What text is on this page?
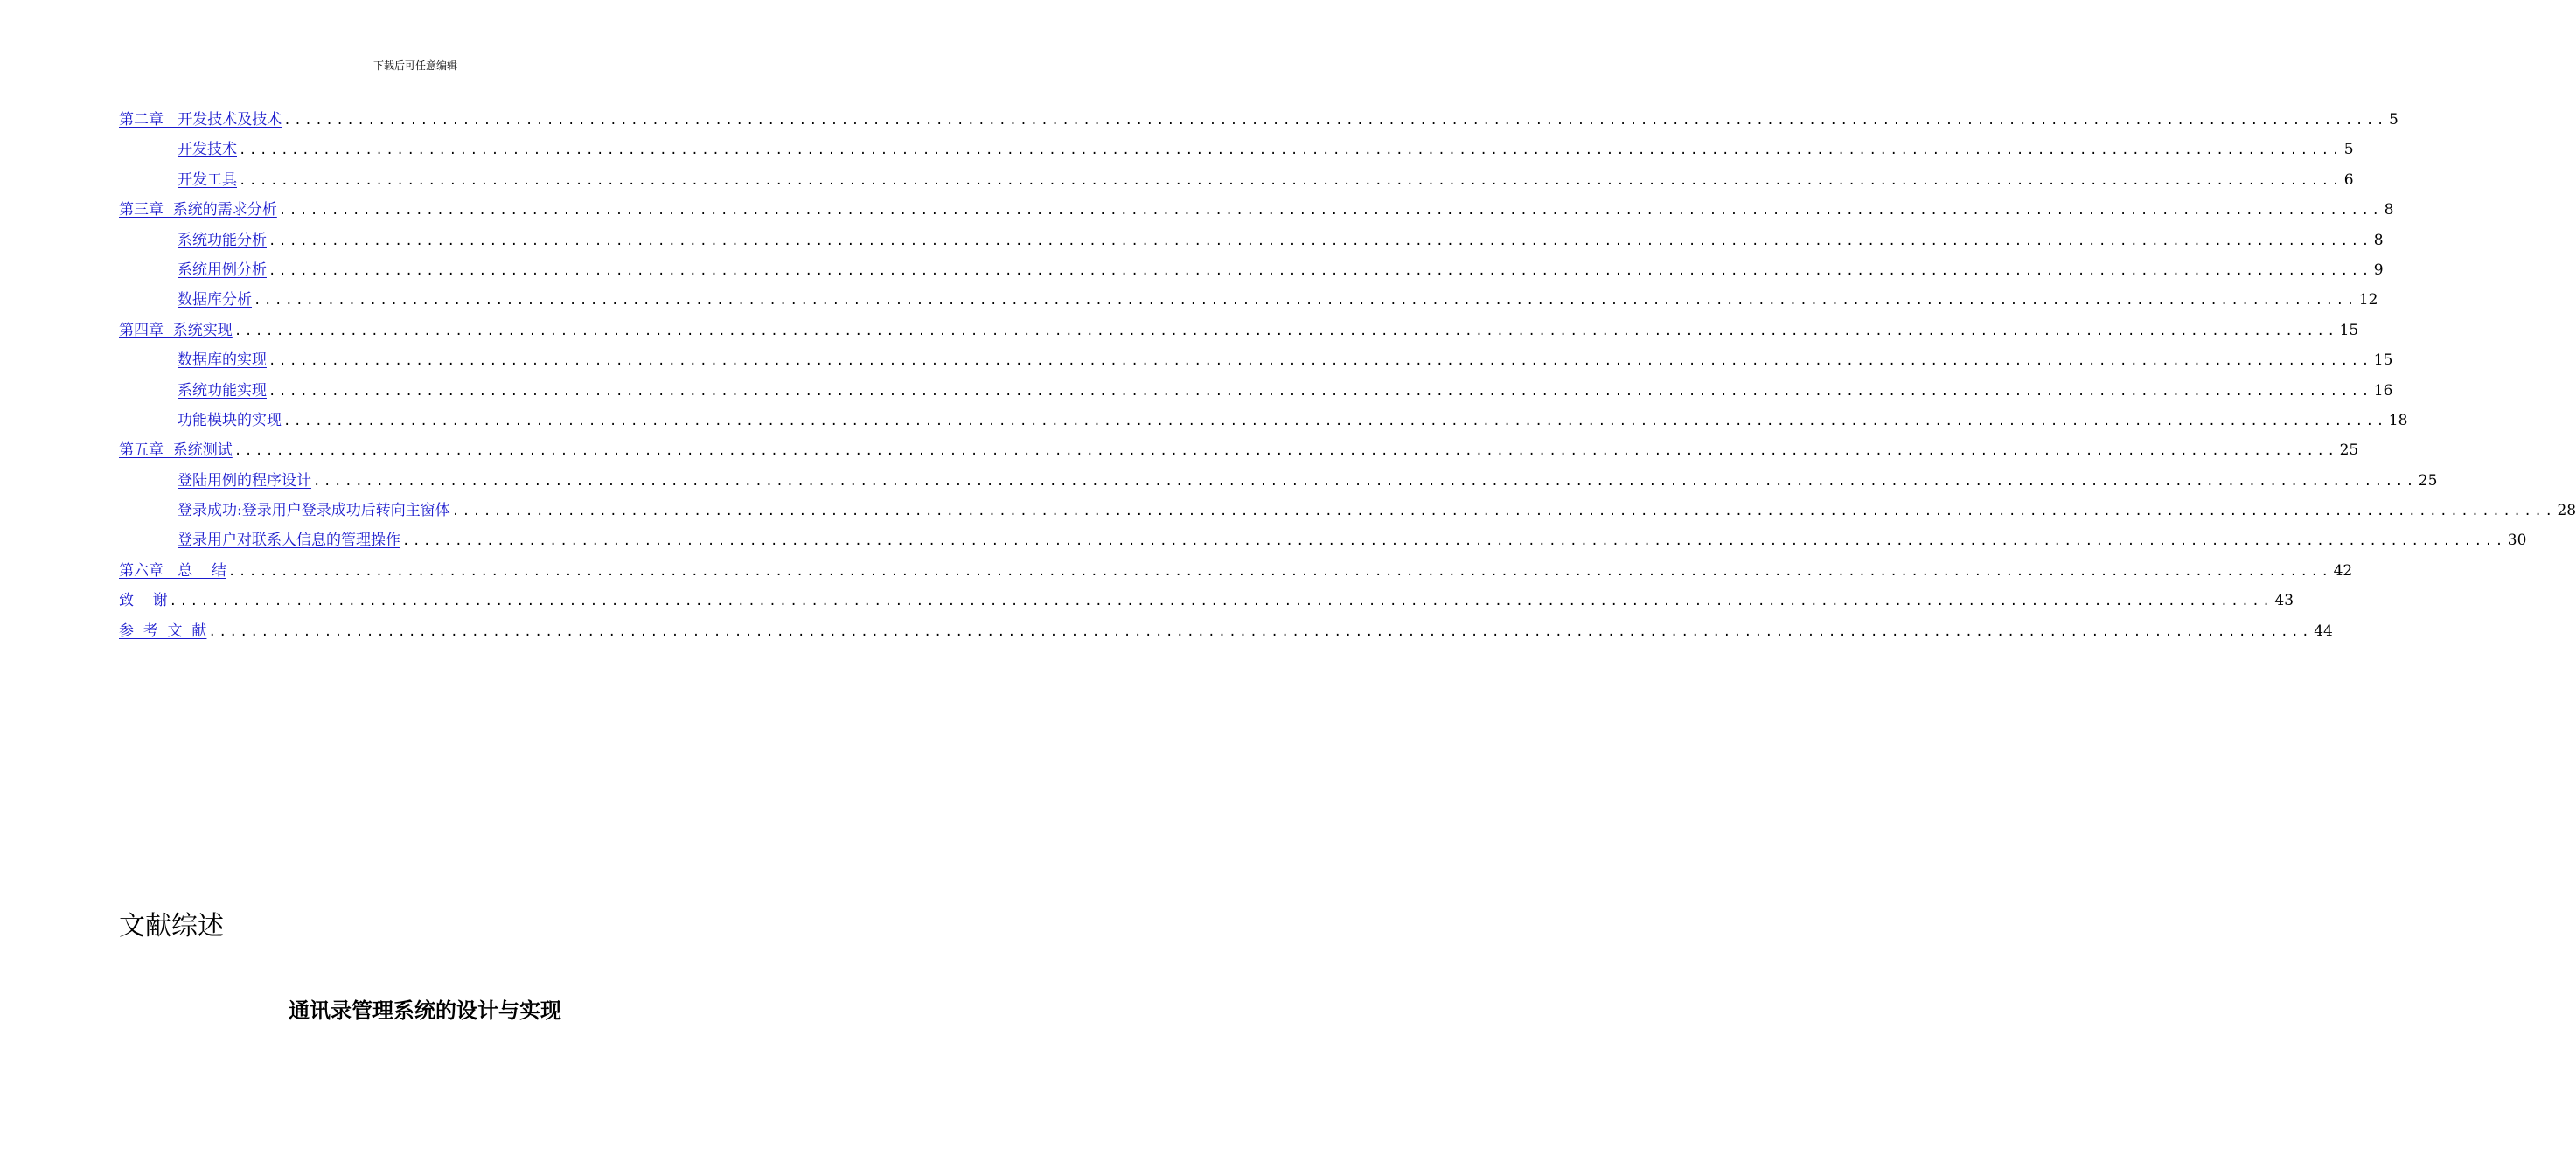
下载后可任意编辑
第二章   开发技术及技术 ........................................................................................................................................................................................................ 5
开发技术 ........................................................................................................................................................................................................ 5
开发工具 ........................................................................................................................................................................................................ 6
第三章  系统的需求分析 ........................................................................................................................................................................................................ 8
系统功能分析 ........................................................................................................................................................................................................ 8
系统用例分析 ........................................................................................................................................................................................................ 9
数据库分析 ........................................................................................................................................................................................................ 12
第四章  系统实现 ........................................................................................................................................................................................................ 15
数据库的实现 ........................................................................................................................................................................................................ 15
系统功能实现 ........................................................................................................................................................................................................ 16
功能模块的实现 ........................................................................................................................................................................................................ 18
第五章  系统测试 ........................................................................................................................................................................................................ 25
登陆用例的程序设计 ........................................................................................................................................................................................................ 25
登录成功:登录用户登录成功后转向主窗体 ........................................................................................................................................................................................................ 28
登录用户对联系人信息的管理操作 ........................................................................................................................................................................................................ 30
第六章   总    结 ........................................................................................................................................................................................................ 42
致    谢 ........................................................................................................................................................................................................ 43
参  考  文  献 ........................................................................................................................................................................................................ 44
文献综述
通讯录管理系统的设计与实现
